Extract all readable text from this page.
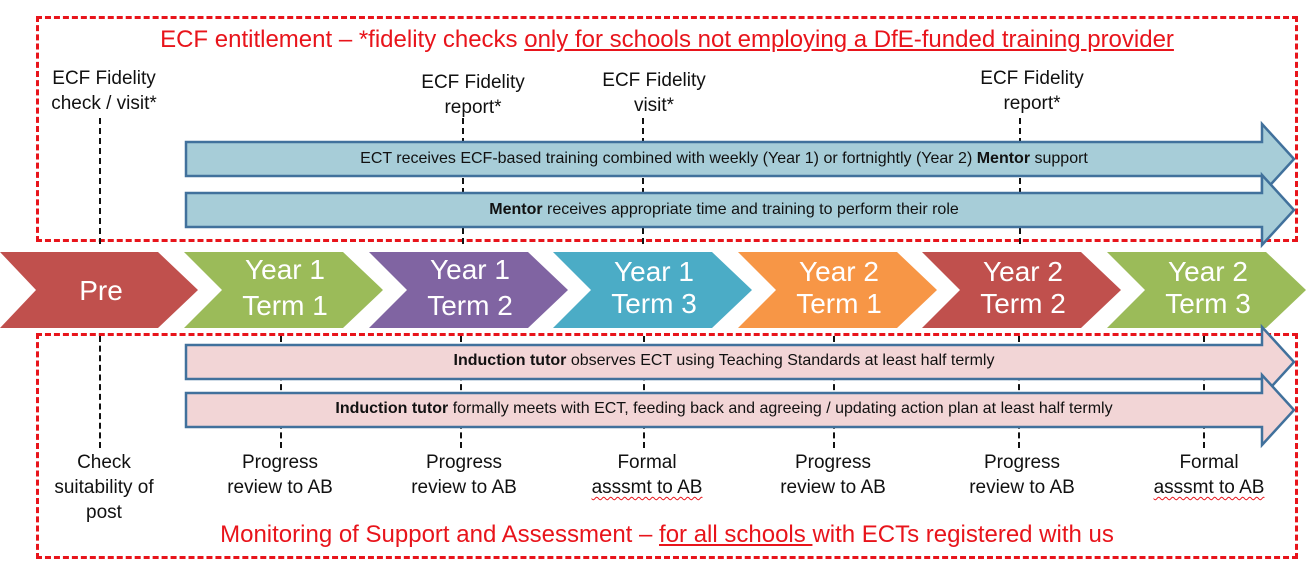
ECF entitlement – *fidelity checks only for schools not employing a DfE-funded training provider
ECF Fidelity
check / visit*
ECF Fidelity
report*
ECF Fidelity
visit*
ECF Fidelity
report*
ECT receives ECF-based training combined with weekly (Year 1) or fortnightly (Year 2) Mentor support
Mentor receives appropriate time and training to perform their role
Pre
Year 1
Term 1
Year 1
Term 2
Year 1
Term 3
Year 2
Term 1
Year 2
Term 2
Year 2
Term 3
Induction tutor observes ECT using Teaching Standards at least half termly
Induction tutor formally meets with ECT, feeding back and agreeing / updating action plan at least half termly
Check
suitability of
post
Progress
review to AB
Progress
review to AB
Formal
asssmt to AB
Progress
review to AB
Progress
review to AB
Formal
asssmt to AB
Monitoring of Support and Assessment – for all schools with ECTs registered with us
